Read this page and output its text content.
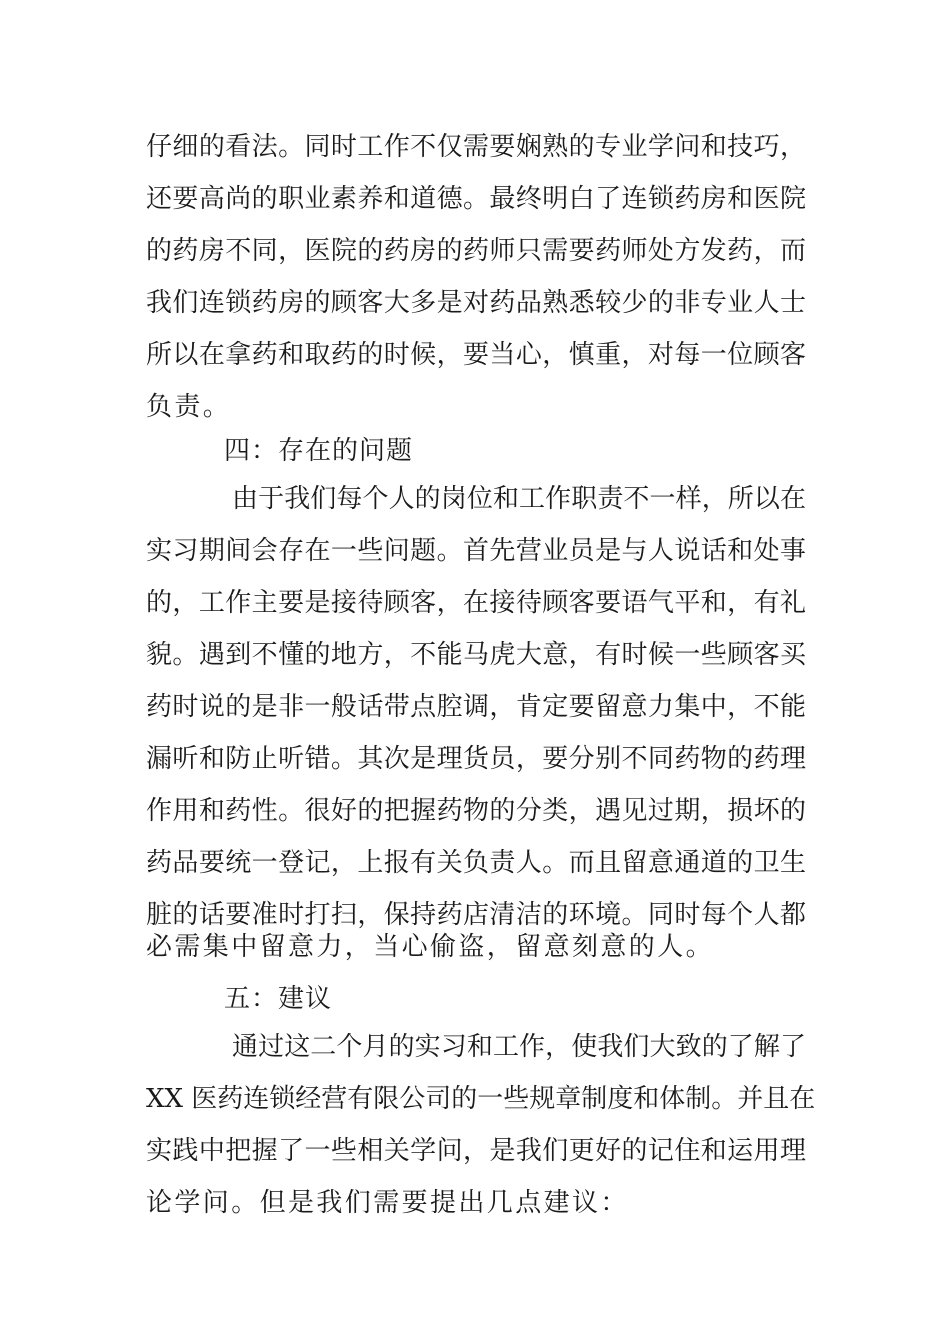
仔细的看法。同时工作不仅需要娴熟的专业学问和技巧，
还要高尚的职业素养和道德。最终明白了连锁药房和医院
的药房不同，医院的药房的药师只需要药师处方发药，而
我们连锁药房的顾客大多是对药品熟悉较少的非专业人士
所以在拿药和取药的时候，要当心，慎重，对每一位顾客
负责。
四：存在的问题
由于我们每个人的岗位和工作职责不一样，所以在
实习期间会存在一些问题。首先营业员是与人说话和处事
的，工作主要是接待顾客，在接待顾客要语气平和，有礼
貌。遇到不懂的地方，不能马虎大意，有时候一些顾客买
药时说的是非一般话带点腔调，肯定要留意力集中，不能
漏听和防止听错。其次是理货员，要分别不同药物的药理
作用和药性。很好的把握药物的分类，遇见过期，损坏的
药品要统一登记，上报有关负责人。而且留意通道的卫生
脏的话要准时打扫，保持药店清洁的环境。同时每个人都
必需集中留意力，当心偷盗，留意刻意的人。
五：建议
通过这二个月的实习和工作，使我们大致的了解了
XX 医药连锁经营有限公司的一些规章制度和体制。并且在
实践中把握了一些相关学问，是我们更好的记住和运用理
论学问。但是我们需要提出几点建议：
